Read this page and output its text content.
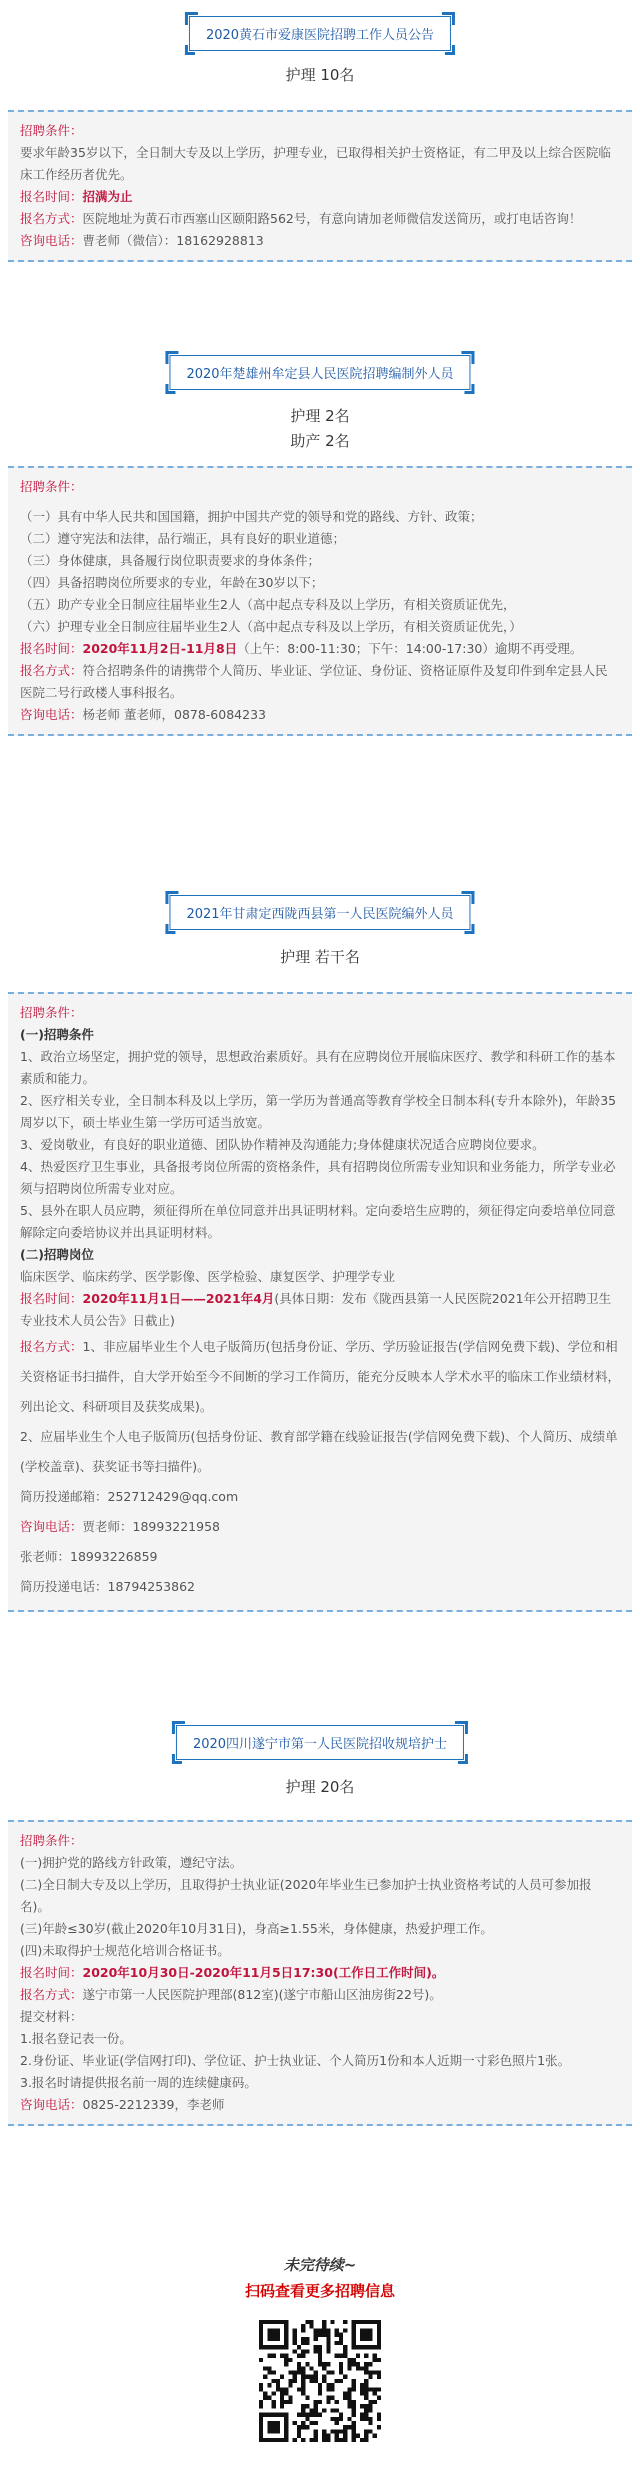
2020黄石市爱康医院招聘工作人员公告
护理 10名

招聘条件：

要求年龄35岁以下，全日制大专及以上学历，护理专业，已取得相关护士资格证，有二甲及以上综合医院临床工作经历者优先。

报名时间：招满为止

报名方式：医院地址为黄石市西塞山区颐阳路562号，有意向请加老师微信发送简历，或打电话咨询！

咨询电话：曹老师（微信）：18162928813

2020年楚雄州牟定县人民医院招聘编制外人员
护理 2名
助产 2名

招聘条件：

（一）具有中华人民共和国国籍，拥护中国共产党的领导和党的路线、方针、政策；

（二）遵守宪法和法律，品行端正，具有良好的职业道德；

（三）身体健康，具备履行岗位职责要求的身体条件；

（四）具备招聘岗位所要求的专业，年龄在30岁以下；

（五）助产专业全日制应往届毕业生2人（高中起点专科及以上学历，有相关资质证优先，

（六）护理专业全日制应往届毕业生2人（高中起点专科及以上学历，有相关资质证优先，）

报名时间：2020年11月2日-11月8日（上午：8:00-11:30；下午：14:00-17:30）逾期不再受理。

报名方式：符合招聘条件的请携带个人简历、毕业证、学位证、身份证、资格证原件及复印件到牟定县人民医院二号行政楼人事科报名。

咨询电话：杨老师 董老师，0878-6084233

2021年甘肃定西陇西县第一人民医院编外人员
护理 若干名

招聘条件：

(一)招聘条件

1、政治立场坚定，拥护党的领导，思想政治素质好。具有在应聘岗位开展临床医疗、教学和科研工作的基本素质和能力。

2、医疗相关专业，全日制本科及以上学历，第一学历为普通高等教育学校全日制本科(专升本除外)，年龄35周岁以下，硕士毕业生第一学历可适当放宽。

3、爱岗敬业，有良好的职业道德、团队协作精神及沟通能力;身体健康状况适合应聘岗位要求。

4、热爱医疗卫生事业，具备报考岗位所需的资格条件，具有招聘岗位所需专业知识和业务能力，所学专业必须与招聘岗位所需专业对应。

5、县外在职人员应聘，须征得所在单位同意并出具证明材料。定向委培生应聘的，须征得定向委培单位同意解除定向委培协议并出具证明材料。

(二)招聘岗位

临床医学、临床药学、医学影像、医学检验、康复医学、护理学专业

报名时间：2020年11月1日——2021年4月(具体日期：发布《陇西县第一人民医院2021年公开招聘卫生专业技术人员公告》日截止)

报名方式：1、非应届毕业生个人电子版简历(包括身份证、学历、学历验证报告(学信网免费下载)、学位和相关资格证书扫描件，自大学开始至今不间断的学习工作简历，能充分反映本人学术水平的临床工作业绩材料，列出论文、科研项目及获奖成果)。

2、应届毕业生个人电子版简历(包括身份证、教育部学籍在线验证报告(学信网免费下载)、个人简历、成绩单(学校盖章)、获奖证书等扫描件)。

简历投递邮箱：252712429@qq.com

咨询电话：贾老师：18993221958

张老师：18993226859

简历投递电话：18794253862

2020四川遂宁市第一人民医院招收规培护士
护理 20名

招聘条件：

(一)拥护党的路线方针政策，遵纪守法。

(二)全日制大专及以上学历，且取得护士执业证(2020年毕业生已参加护士执业资格考试的人员可参加报名)。

(三)年龄≤30岁(截止2020年10月31日)，身高≥1.55米，身体健康，热爱护理工作。

(四)未取得护士规范化培训合格证书。

报名时间：2020年10月30日-2020年11月5日17:30(工作日工作时间)。

报名方式：遂宁市第一人民医院护理部(812室)(遂宁市船山区油房街22号)。

提交材料：

1.报名登记表一份。

2.身份证、毕业证(学信网打印)、学位证、护士执业证、个人简历1份和本人近期一寸彩色照片1张。

3.报名时请提供报名前一周的连续健康码。

咨询电话：0825-2212339，李老师

未完待续~
扫码查看更多招聘信息
